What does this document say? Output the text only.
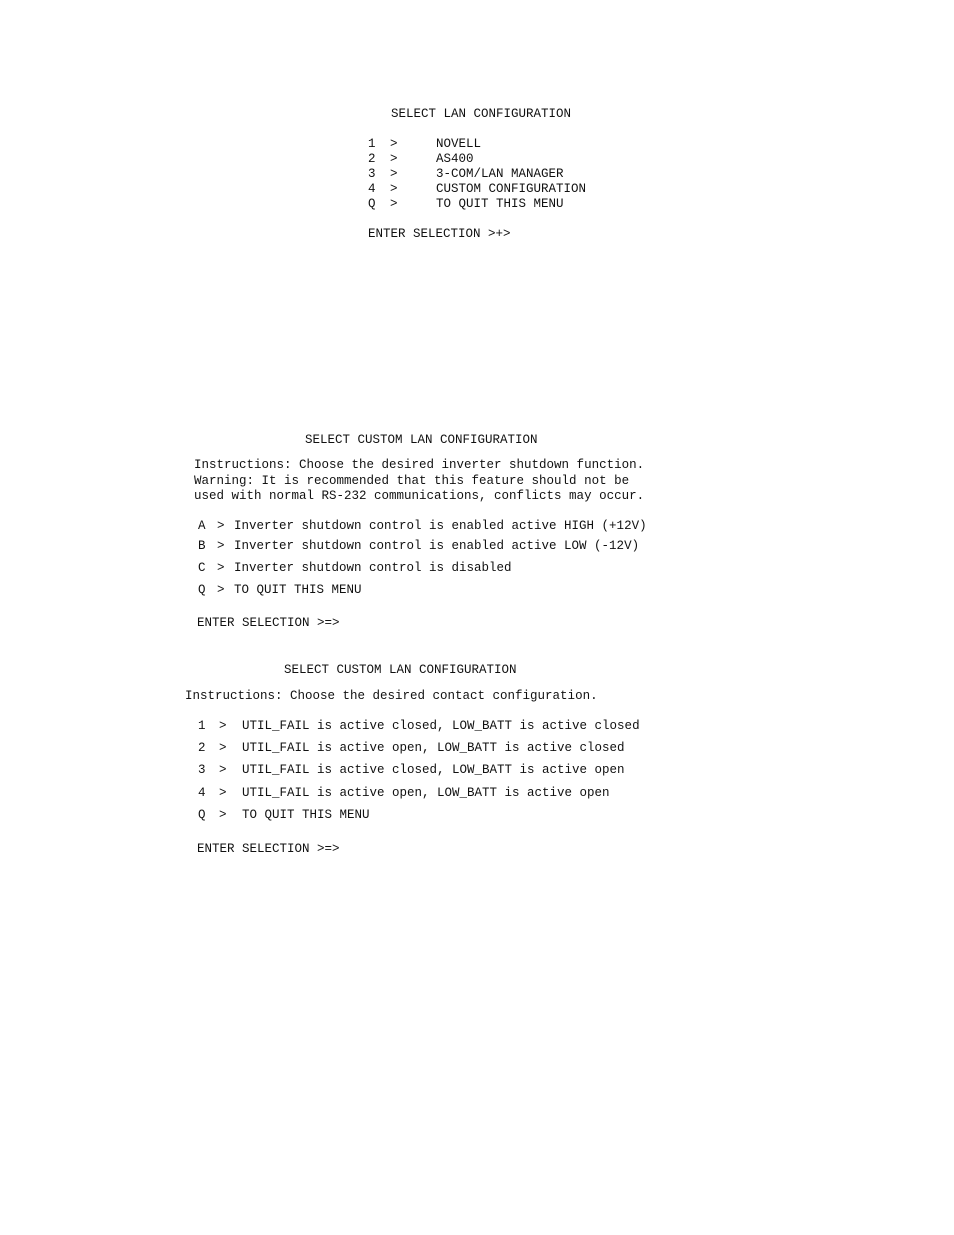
SELECT LAN CONFIGURATION
1 >	NOVELL
2 >	AS400
3 >	3-COM/LAN MANAGER
4 >	CUSTOM CONFIGURATION
Q >	TO QUIT THIS MENU
ENTER SELECTION >+>
SELECT CUSTOM LAN CONFIGURATION
Instructions: Choose the desired inverter shutdown function.
Warning: It is recommended that this feature should not be
used with normal RS-232 communications, conflicts may occur.
A > Inverter shutdown control is enabled active HIGH (+12V)
B > Inverter shutdown control is enabled active LOW (-12V)
C > Inverter shutdown control is disabled
Q > TO QUIT THIS MENU
ENTER SELECTION >=>
SELECT CUSTOM LAN CONFIGURATION
Instructions: Choose the desired contact configuration.
1 > UTIL_FAIL is active closed, LOW_BATT is active closed
2 > UTIL_FAIL is active open, LOW_BATT is active closed
3 > UTIL_FAIL is active closed, LOW_BATT is active open
4 > UTIL_FAIL is active open, LOW_BATT is active open
Q > TO QUIT THIS MENU
ENTER SELECTION >=>
